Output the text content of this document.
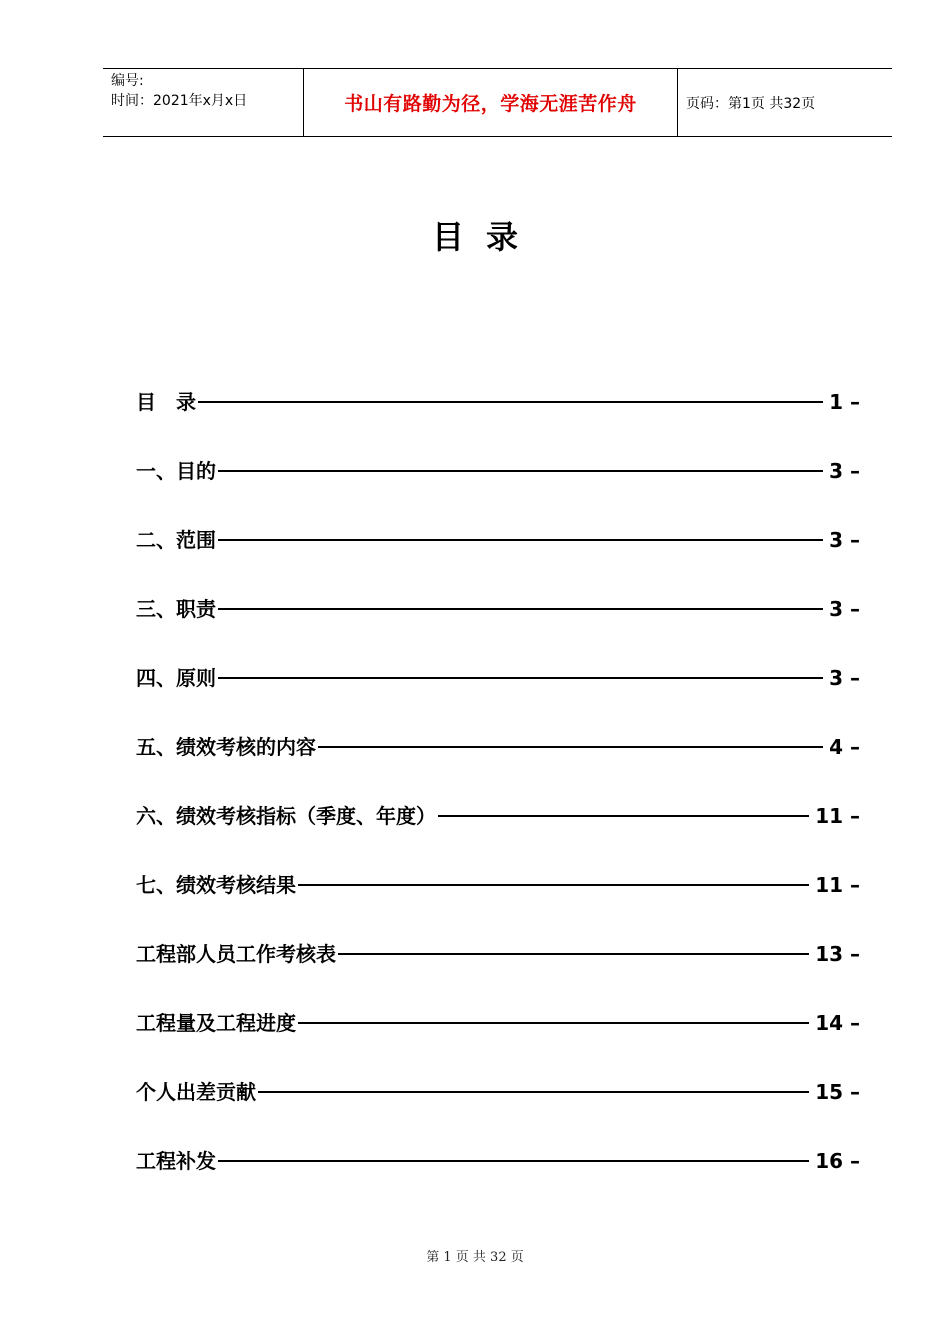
编号:
时间：2021年x月x日	书山有路勤为径，学海无涯苦作舟	页码：第1页 共32页
目录
目　录	1 –
一、目的	3 –
二、范围	3 –
三、职责	3 –
四、原则	3 –
五、绩效考核的内容	4 –
六、绩效考核指标（季度、年度）	11 –
七、绩效考核结果	11 –
工程部人员工作考核表	13 –
工程量及工程进度	14 –
个人出差贡献	15 –
工程补发	16 –
第 1 页 共 32 页
